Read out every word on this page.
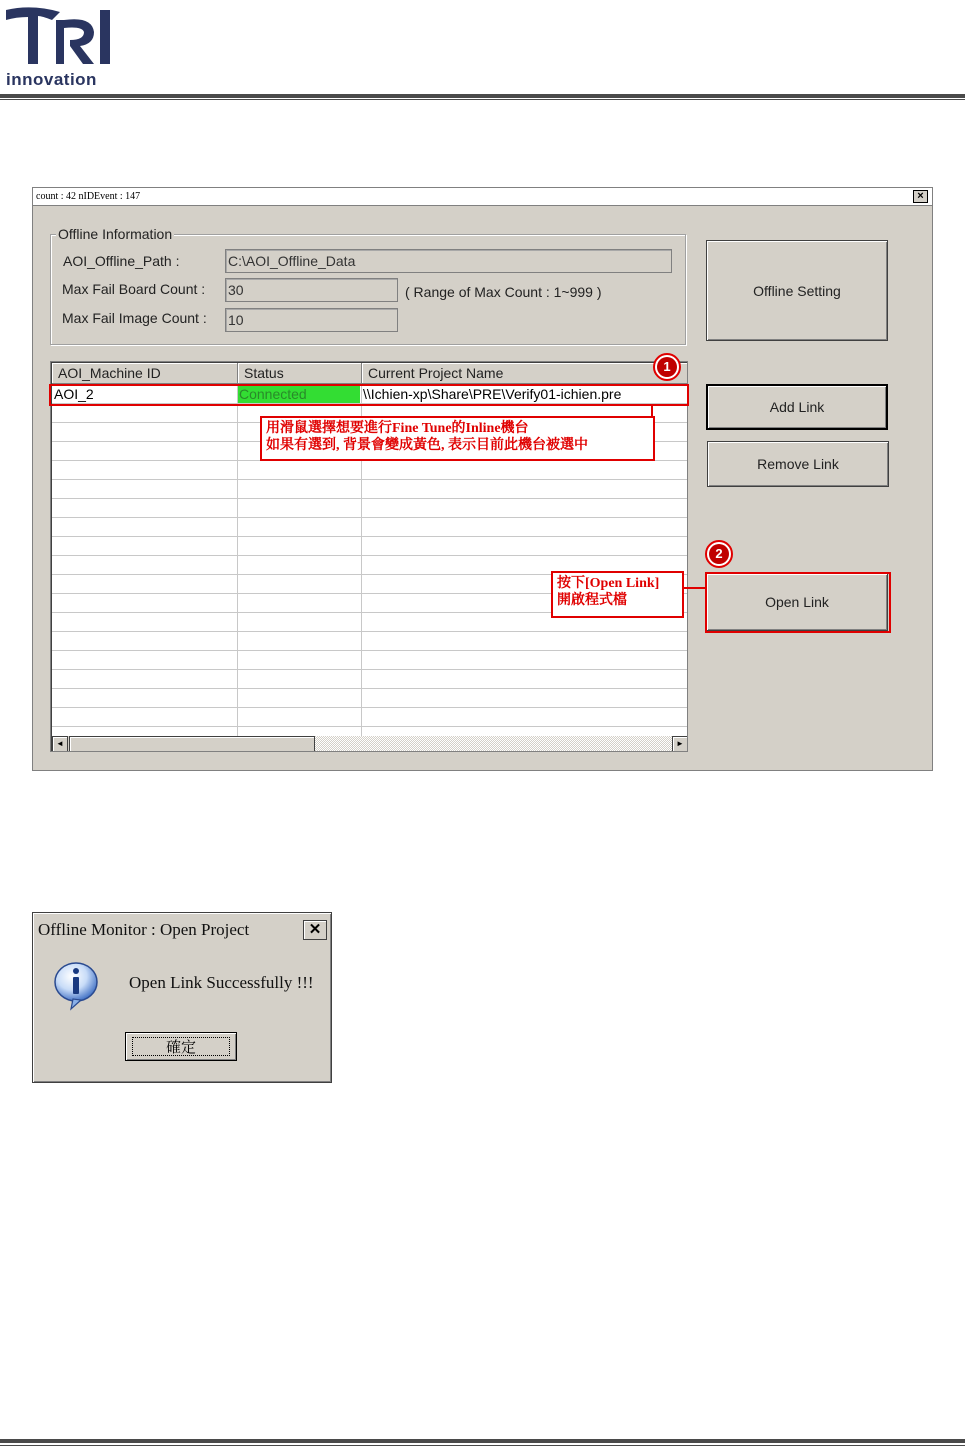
innovation
count : 42 nIDEvent : 147	×
Offline Information
AOI_Offline_Path :	C:\AOI_Offline_Data
Max Fail Board Count : 30	( Range of Max Count : 1~999 )
Max Fail Image Count : 10
Offline Setting
Add Link
Remove Link
Open Link
AOI_Machine ID	Status	Current Project Name
AOI_2	Connected	\\Ichien-xp\Share\PRE\Verify01-ichien.pre
◄	►
1
用滑鼠選擇想要進行Fine Tune的Inline機台
如果有選到, 背景會變成黃色, 表示目前此機台被選中
2
按下[Open Link]
開啟程式檔
Offline Monitor : Open Project	✕
Open Link Successfully !!!
確定
